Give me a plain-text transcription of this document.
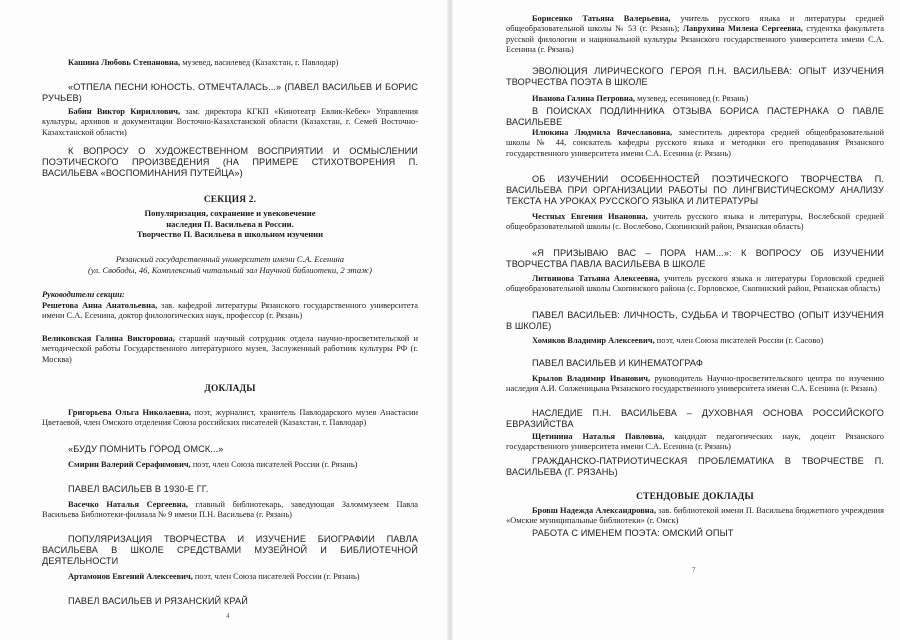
Кашина Любовь Степановна, музевед, василевед (Казахстан, г. Павлодар)
«ОТПЕЛА ПЕСНИ ЮНОСТЬ. ОТМЕЧТАЛАСЬ...» (ПАВЕЛ ВАСИЛЬЕВ И БОРИС РУЧЬЕВ)
Бабин Виктор Кириллович, зам. директора КГКП «Кинотеатр Евлик-Кебек» Управления культуры, архивов и документации Восточно-Казахстанской области (Казахстан, г. Семей Восточно-Казахстанской области)
К ВОПРОСУ О ХУДОЖЕСТВЕННОМ ВОСПРИЯТИИ И ОСМЫСЛЕНИИ ПОЭТИЧЕСКОГО ПРОИЗВЕДЕНИЯ (НА ПРИМЕРЕ СТИХОТВОРЕНИЯ П. ВАСИЛЬЕВА «ВОСПОМИНАНИЯ ПУТЕЙЦА»)
СЕКЦИЯ 2.
Популяризация, сохранение и увековечение
наследия П. Васильева в России.
Творчество П. Васильева в школьном изучении
Рязанский государственный университет имени С.А. Есенина
(ул. Свободы, 46, Комплексный читальный зал Научной библиотеки, 2 этаж)
Руководители секции:
Решетова Анна Анатольевна, зав. кафедрой литературы Рязанского государственного университета имени С.А. Есенина, доктор филологических наук, профессор (г. Рязань)
Великовская Галина Викторовна, старший научный сотрудник отдела научно-просветительской и методической работы Государственного литературного музея, Заслуженный работник культуры РФ (г. Москва)
ДОКЛАДЫ
Григорьева Ольга Николаевна, поэт, журналист, хранитель Павлодарского музея Анастасии Цветаевой, член Омского отделения Союза российских писателей (Казахстан, г. Павлодар)
«БУДУ ПОМНИТЬ ГОРОД ОМСК...»
Смирин Валерий Серафимович, поэт, член Союза писателей России (г. Рязань)
ПАВЕЛ ВАСИЛЬЕВ В 1930-Е ГГ.
Васечко Наталья Сергеевна, главный библиотекарь, заведующая Заломмузеем Павла Васильева Библиотеки-филиала № 9 имени П.Н. Васильева (г. Рязань)
ПОПУЛЯРИЗАЦИЯ ТВОРЧЕСТВА И ИЗУЧЕНИЕ БИОГРАФИИ ПАВЛА ВАСИЛЬЕВА В ШКОЛЕ СРЕДСТВАМИ МУЗЕЙНОЙ И БИБЛИОТЕЧНОЙ ДЕЯТЕЛЬНОСТИ
Артамонов Евгений Алексеевич, поэт, член Союза писателей России (г. Рязань)
ПАВЕЛ ВАСИЛЬЕВ И РЯЗАНСКИЙ КРАЙ
4
Борисенко Татьяна Валерьевна, учитель русского языка и литературы средней общеобразовательной школы № 53 (г. Рязань); Лаврухина Милена Сергеевна, студентка факультета русской филологии и национальной культуры Рязанского государственного университета имени С.А. Есенина (г. Рязань)
ЭВОЛЮЦИЯ ЛИРИЧЕСКОГО ГЕРОЯ П.Н. ВАСИЛЬЕВА: ОПЫТ ИЗУЧЕНИЯ ТВОРЧЕСТВА ПОЭТА В ШКОЛЕ
Иванова Галина Петровна, музевед, есениновед (г. Рязань)
В ПОИСКАХ ПОДЛИННИКА ОТЗЫВА БОРИСА ПАСТЕРНАКА О ПАВЛЕ ВАСИЛЬЕВЕ
Илюкина Людмила Вячеславовна, заместитель директора средней общеобразовательной школы № 44, соискатель кафедры русского языка и методики его преподавания Рязанского государственного университета имени С.А. Есенина (г. Рязань)
ОБ ИЗУЧЕНИИ ОСОБЕННОСТЕЙ ПОЭТИЧЕСКОГО ТВОРЧЕСТВА П. ВАСИЛЬЕВА ПРИ ОРГАНИЗАЦИИ РАБОТЫ ПО ЛИНГВИСТИЧЕСКОМУ АНАЛИЗУ ТЕКСТА НА УРОКАХ РУССКОГО ЯЗЫКА И ЛИТЕРАТУРЫ
Честных Евгения Ивановна, учитель русского языка и литературы, Вослебской средней общеобразовательной школы (с. Вослебово, Скопинский район, Рязанская область)
«Я ПРИЗЫВАЮ ВАС – ПОРА НАМ...»: К ВОПРОСУ ОБ ИЗУЧЕНИИ ТВОРЧЕСТВА ПАВЛА ВАСИЛЬЕВА В ШКОЛЕ
Литвинова Татьяна Алексеевна, учитель русского языка и литературы Горловской средней общеобразовательной школы Скопинского района (с. Горловское, Скопинский район, Рязанская область)
ПАВЕЛ ВАСИЛЬЕВ: ЛИЧНОСТЬ, СУДЬБА И ТВОРЧЕСТВО (ОПЫТ ИЗУЧЕНИЯ В ШКОЛЕ)
Хомяков Владимир Алексеевич, поэт, член Союза писателей России (г. Сасово)
ПАВЕЛ ВАСИЛЬЕВ И КИНЕМАТОГРАФ
Крылов Владимир Иванович, руководитель Научно-просветительского центра по изучению наследия А.И. Солженицына Рязанского государственного университета имени С.А. Есенина (г. Рязань)
НАСЛЕДИЕ П.Н. ВАСИЛЬЕВА – ДУХОВНАЯ ОСНОВА РОССИЙСКОГО ЕВРАЗИЙСТВА
Щетинина Наталья Павловна, кандидат педагогических наук, доцент Рязанского государственного университета имени С.А. Есенина (г. Рязань)
ГРАЖДАНСКО-ПАТРИОТИЧЕСКАЯ ПРОБЛЕМАТИКА В ТВОРЧЕСТВЕ П. ВАСИЛЬЕВА (Г. РЯЗАНЬ)
СТЕНДОВЫЕ ДОКЛАДЫ
Бровш Надежда Александровна, зав. библиотекой имени П. Васильева бюджетного учреждения «Омские муниципальные библиотеки» (г. Омск)
РАБОТА С ИМЕНЕМ ПОЭТА: ОМСКИЙ ОПЫТ
7
